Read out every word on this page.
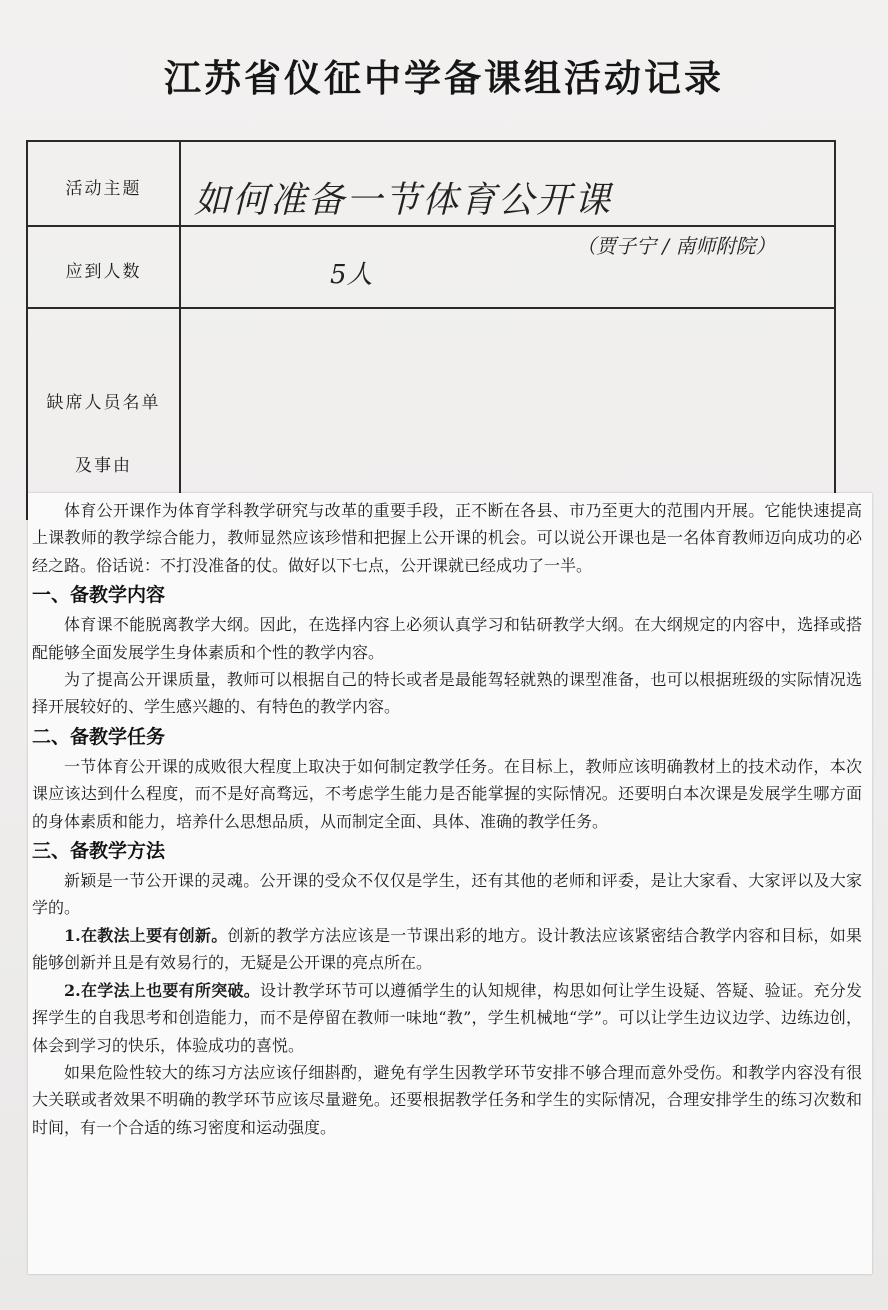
江苏省仪征中学备课组活动记录
活动主题	如何准备一节体育公开课
（贾子宁 / 南师附院）
应到人数	5人
缺席人员名单
及事由

体育公开课作为体育学科教学研究与改革的重要手段，正不断在各县、市乃至更大的范围内开展。它能快速提高上课教师的教学综合能力，教师显然应该珍惜和把握上公开课的机会。可以说公开课也是一名体育教师迈向成功的必经之路。俗话说：不打没准备的仗。做好以下七点，公开课就已经成功了一半。

一、备教学内容

体育课不能脱离教学大纲。因此，在选择内容上必须认真学习和钻研教学大纲。在大纲规定的内容中，选择或搭配能够全面发展学生身体素质和个性的教学内容。

为了提高公开课质量，教师可以根据自己的特长或者是最能驾轻就熟的课型准备，也可以根据班级的实际情况选择开展较好的、学生感兴趣的、有特色的教学内容。

二、备教学任务

一节体育公开课的成败很大程度上取决于如何制定教学任务。在目标上，教师应该明确教材上的技术动作，本次课应该达到什么程度，而不是好高骛远，不考虑学生能力是否能掌握的实际情况。还要明白本次课是发展学生哪方面的身体素质和能力，培养什么思想品质，从而制定全面、具体、准确的教学任务。

三、备教学方法

新颖是一节公开课的灵魂。公开课的受众不仅仅是学生，还有其他的老师和评委，是让大家看、大家评以及大家学的。

1.在教法上要有创新。创新的教学方法应该是一节课出彩的地方。设计教法应该紧密结合教学内容和目标，如果能够创新并且是有效易行的，无疑是公开课的亮点所在。

2.在学法上也要有所突破。设计教学环节可以遵循学生的认知规律，构思如何让学生设疑、答疑、验证。充分发挥学生的自我思考和创造能力，而不是停留在教师一味地“教”，学生机械地“学”。可以让学生边议边学、边练边创，体会到学习的快乐，体验成功的喜悦。

如果危险性较大的练习方法应该仔细斟酌，避免有学生因教学环节安排不够合理而意外受伤。和教学内容没有很大关联或者效果不明确的教学环节应该尽量避免。还要根据教学任务和学生的实际情况，合理安排学生的练习次数和时间，有一个合适的练习密度和运动强度。
